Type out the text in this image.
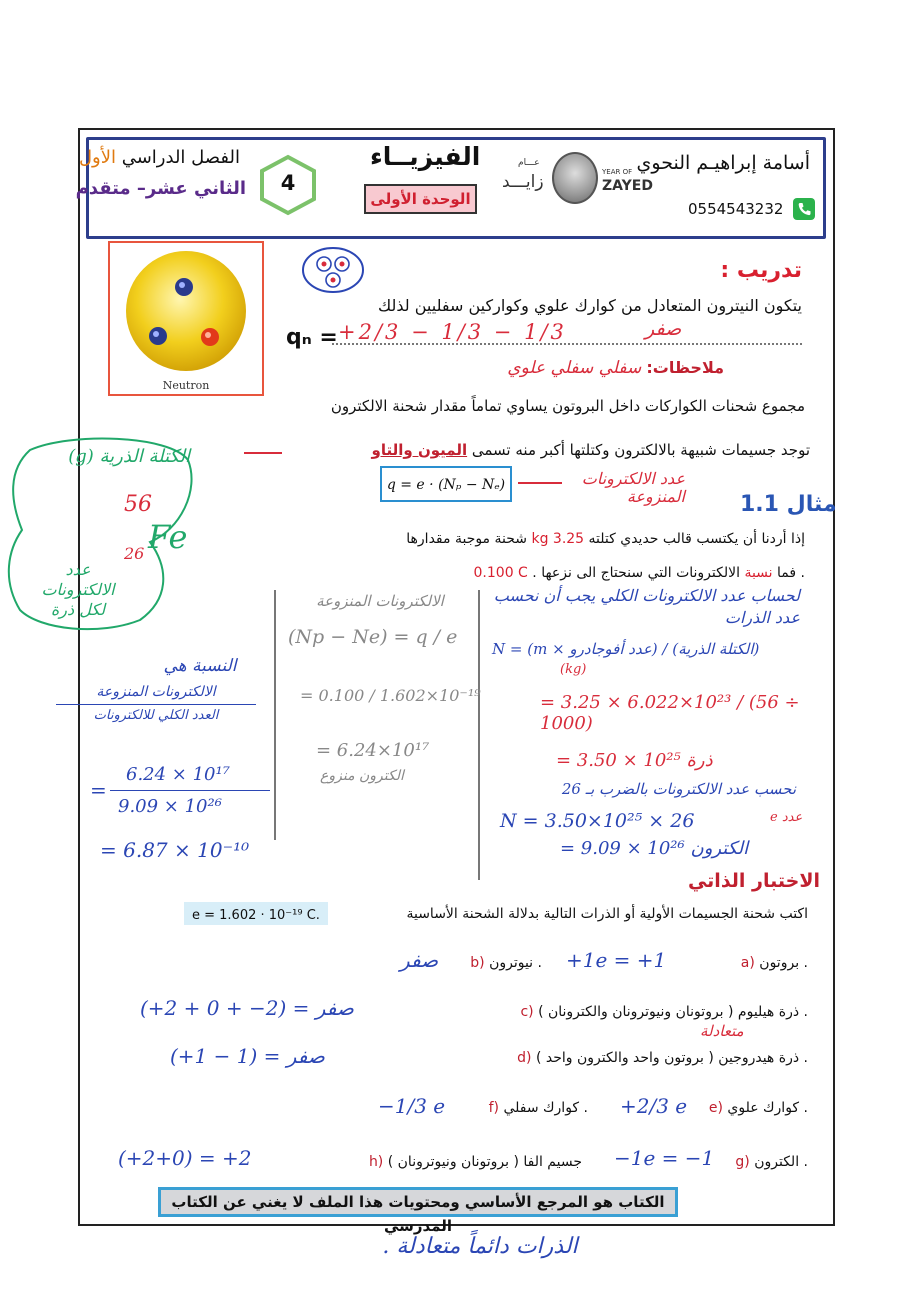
أسامة إبراهيـم النحوي
0554543232
عـــام
زايـــد	YEAR OF
ZAYED
الفيزيــاء
الوحدة الأولى
4
الفصل الدراسي الأول
الثاني عشر– متقدم
Neutron
تدريب :
يتكون النيترون المتعادل من كوارك علوي وكواركين سفليين لذلك
qₙ = +2/3 − 1/3 − 1/3	صفر
ملاحظات: سفلي سفلي علوي
مجموع شحنات الكواركات داخل البروتون يساوي تماماً مقدار شحنة الالكترون
توجد جسيمات شبيهة بالالكترون وكتلتها أكبر منه تسمى الميون والتاو
q = e · (Nₚ − Nₑ)	عدد الالكترونات المنزوعة	مثال 1.1
إذا أردنا أن يكتسب قالب حديدي كتلته 3.25 kg شحنة موجبة مقدارها
0.100 C . فما نسبة الالكترونات التي سنحتاج الى نزعها .
الكتلة الذرية (g)
56
Fe
26
عدد الالكترونات لكل ذرة
لحساب عدد الالكترونات الكلي يجب أن نحسب عدد الذرات
N = (m × عدد أفوجادرو) / (الكتلة الذرية)
(kg)
= 3.25 × 6.022×10²³ / (56 ÷ 1000)
= 3.50 × 10²⁵ ذرة
نحسب عدد الالكترونات بالضرب بـ 26
N = 3.50×10²⁵ × 26	عدد e
= 9.09 × 10²⁶ الكترون
الالكترونات المنزوعة
(Np − Ne) = q / e
= 0.100 / 1.602×10⁻¹⁹
= 6.24×10¹⁷
الكترون منزوع
النسبة هي
الالكترونات المنزوعة
العدد الكلي للالكترونات
=
6.24 × 10¹⁷
9.09 × 10²⁶
= 6.87 × 10⁻¹⁰
الاختبار الذاتي
اكتب شحنة الجسيمات الأولية أو الذرات التالية بدلالة الشحنة الأساسية
e = 1.602 · 10⁻¹⁹ C.
a) بروتون .
+1e = +1
b) نيوترون .
صفر
c) ذرة هيليوم ( بروتونان ونيوترونان والكترونان ) .
(+2 + 0 + −2) = صفر
متعادلة
d) ذرة هيدروجين ( بروتون واحد والكترون واحد ) .
(+1 − 1) = صفر
e) كوارك علوي .
+2/3 e
f) كوارك سفلي .
−1/3 e
g) الكترون .
−1e = −1
h) جسيم الفا ( بروتونان ونيوترونان )
(+2+0) = +2
الكتاب هو المرجع الأساسي ومحتويات هذا الملف لا يغني عن الكتاب المدرسي
الذرات دائماً متعادلة .
